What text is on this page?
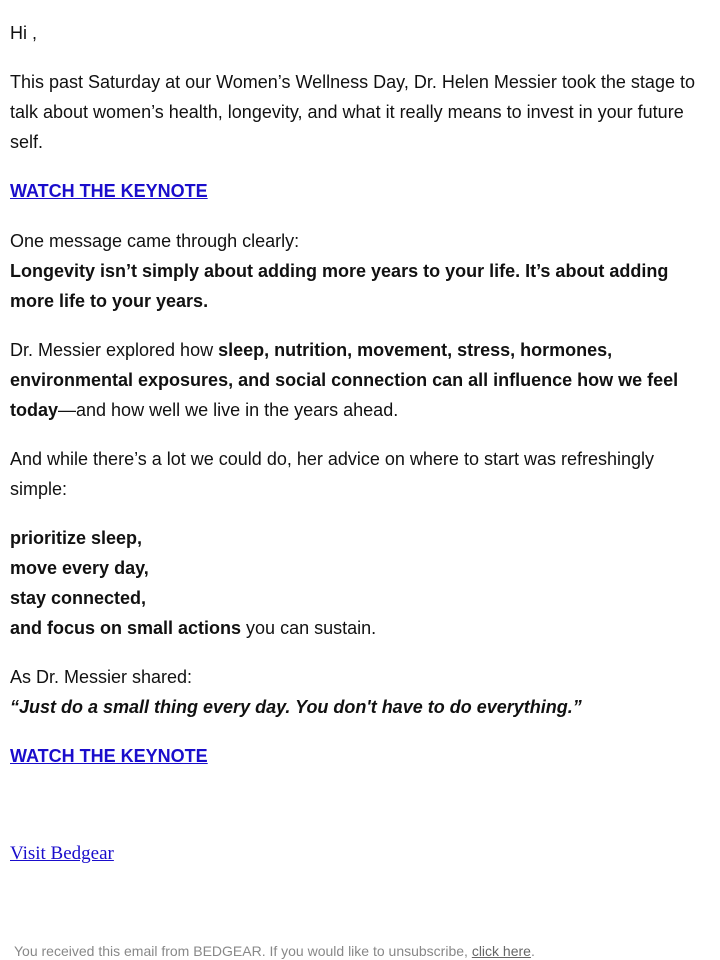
Hi ,

This past Saturday at our Women’s Wellness Day, Dr. Helen Messier took the stage to talk about women’s health, longevity, and what it really means to invest in your future self.

WATCH THE KEYNOTE

One message came through clearly:
Longevity isn’t simply about adding more years to your life. It’s about adding more life to your years.

Dr. Messier explored how sleep, nutrition, movement, stress, hormones, environmental exposures, and social connection can all influence how we feel today—and how well we live in the years ahead.

And while there’s a lot we could do, her advice on where to start was refreshingly simple:

prioritize sleep,
move every day,
stay connected,
and focus on small actions you can sustain.

As Dr. Messier shared:
“Just do a small thing every day. You don't have to do everything.”

WATCH THE KEYNOTE

Visit Bedgear

You received this email from BEDGEAR. If you would like to unsubscribe, click here.
